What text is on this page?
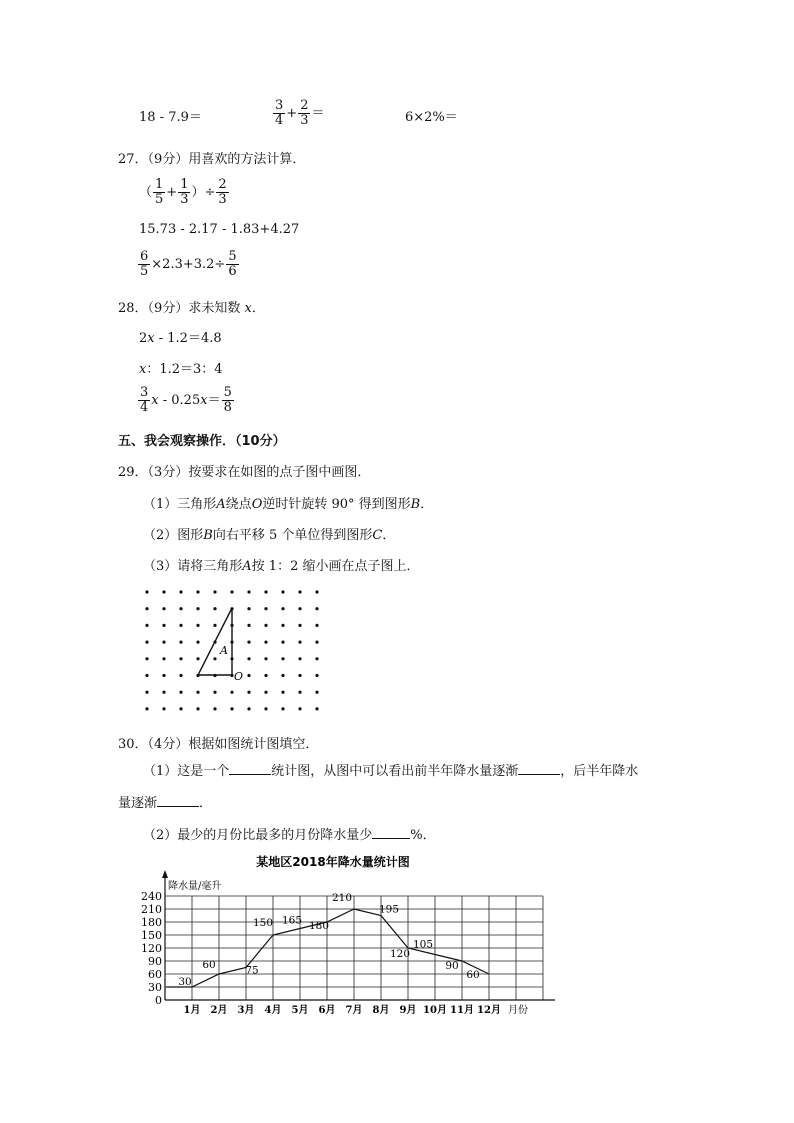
18 - 7.9＝	$\frac{3}{4} + \frac{2}{3}$ ＝	6×2%＝
27．（9分）用喜欢的方法计算．
（ $\frac{1}{5} + \frac{1}{3}$ ）÷ $\frac{2}{3}$
15.73 - 2.17 - 1.83+4.27
$\frac{6}{5} \times 2.3+3.2\div \frac{5}{6}$
28．（9分）求未知数 x．
2x - 1.2＝4.8
x：1.2＝3：4
$\frac{3}{4}$ $x - 0.25x= \frac{5}{8}$
五、我会观察操作．（10分）
29．（3分）按要求在如图的点子图中画图．
（1）三角形A绕点O逆时针旋转 90° 得到图形B．
（2）图形B向右平移 5 个单位得到图形C．
（3）请将三角形A按 1：2 缩小画在点子图上．
A
O
30．（4分）根据如图统计图填空．
（1）这是一个	统计图，从图中可以看出前半年降水量逐渐	，后半年降水
量逐渐	．
（2）最少的月份比最多的月份降水量少	%．
某地区2018年降水量统计图
降水量/毫升
月份
0
30
60
90
120
150
180
210
240
1月 2月 3月 4月 5月 6月 7月 8月 9月 10月 11月 12月
30
60	75
150 165 180
210
195
120
105
90
60
